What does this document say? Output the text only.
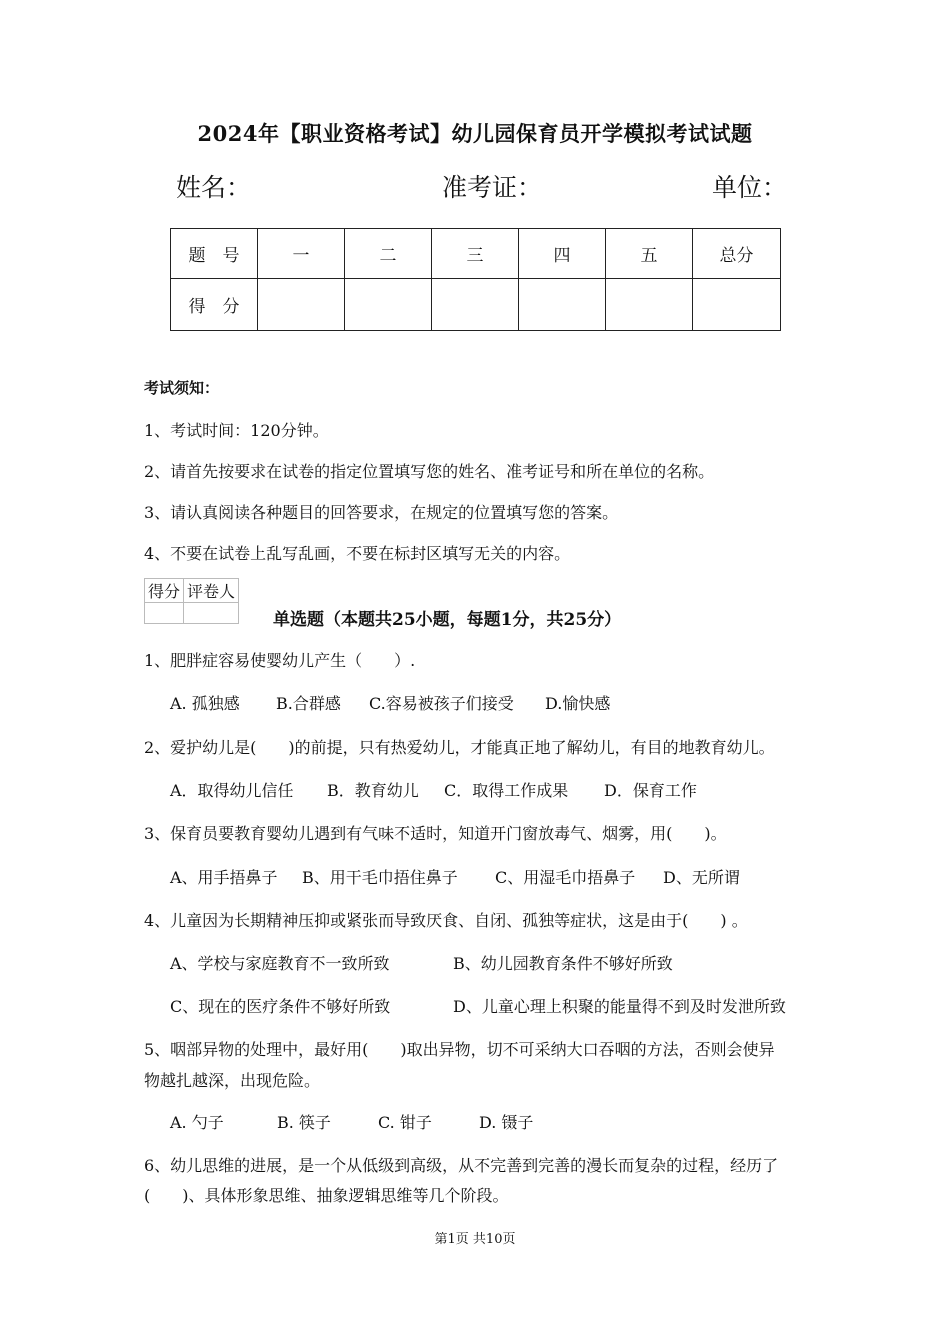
2024年【职业资格考试】幼儿园保育员开学模拟考试试题
姓名：	准考证：	单位：
题　号	一	二	三	四	五	总分
得　分						
考试须知：
1、考试时间：120分钟。
2、请首先按要求在试卷的指定位置填写您的姓名、准考证号和所在单位的名称。
3、请认真阅读各种题目的回答要求，在规定的位置填写您的答案。
4、不要在试卷上乱写乱画，不要在标封区填写无关的内容。
得分	评卷人

单选题（本题共25小题，每题1分，共25分）
1、肥胖症容易使婴幼儿产生（　　）.
A. 孤独感 B.合群感 C.容易被孩子们接受 D.愉快感
2、爱护幼儿是(　　)的前提，只有热爱幼儿，才能真正地了解幼儿，有目的地教育幼儿。
A．取得幼儿信任 B．教育幼儿 C．取得工作成果 D．保育工作
3、保育员要教育婴幼儿遇到有气味不适时，知道开门窗放毒气、烟雾，用(　　)。
A、用手捂鼻子 B、用干毛巾捂住鼻子 C、用湿毛巾捂鼻子 D、无所谓
4、儿童因为长期精神压抑或紧张而导致厌食、自闭、孤独等症状，这是由于(　　) 。
A、学校与家庭教育不一致所致	B、幼儿园教育条件不够好所致
C、现在的医疗条件不够好所致	D、儿童心理上积聚的能量得不到及时发泄所致
5、咽部异物的处理中，最好用(　　)取出异物，切不可采纳大口吞咽的方法，否则会使异
物越扎越深，出现危险。
A. 勺子	B. 筷子	C. 钳子	D. 镊子
6、幼儿思维的进展，是一个从低级到高级，从不完善到完善的漫长而复杂的过程，经历了
(　　)、具体形象思维、抽象逻辑思维等几个阶段。
第1页 共10页
